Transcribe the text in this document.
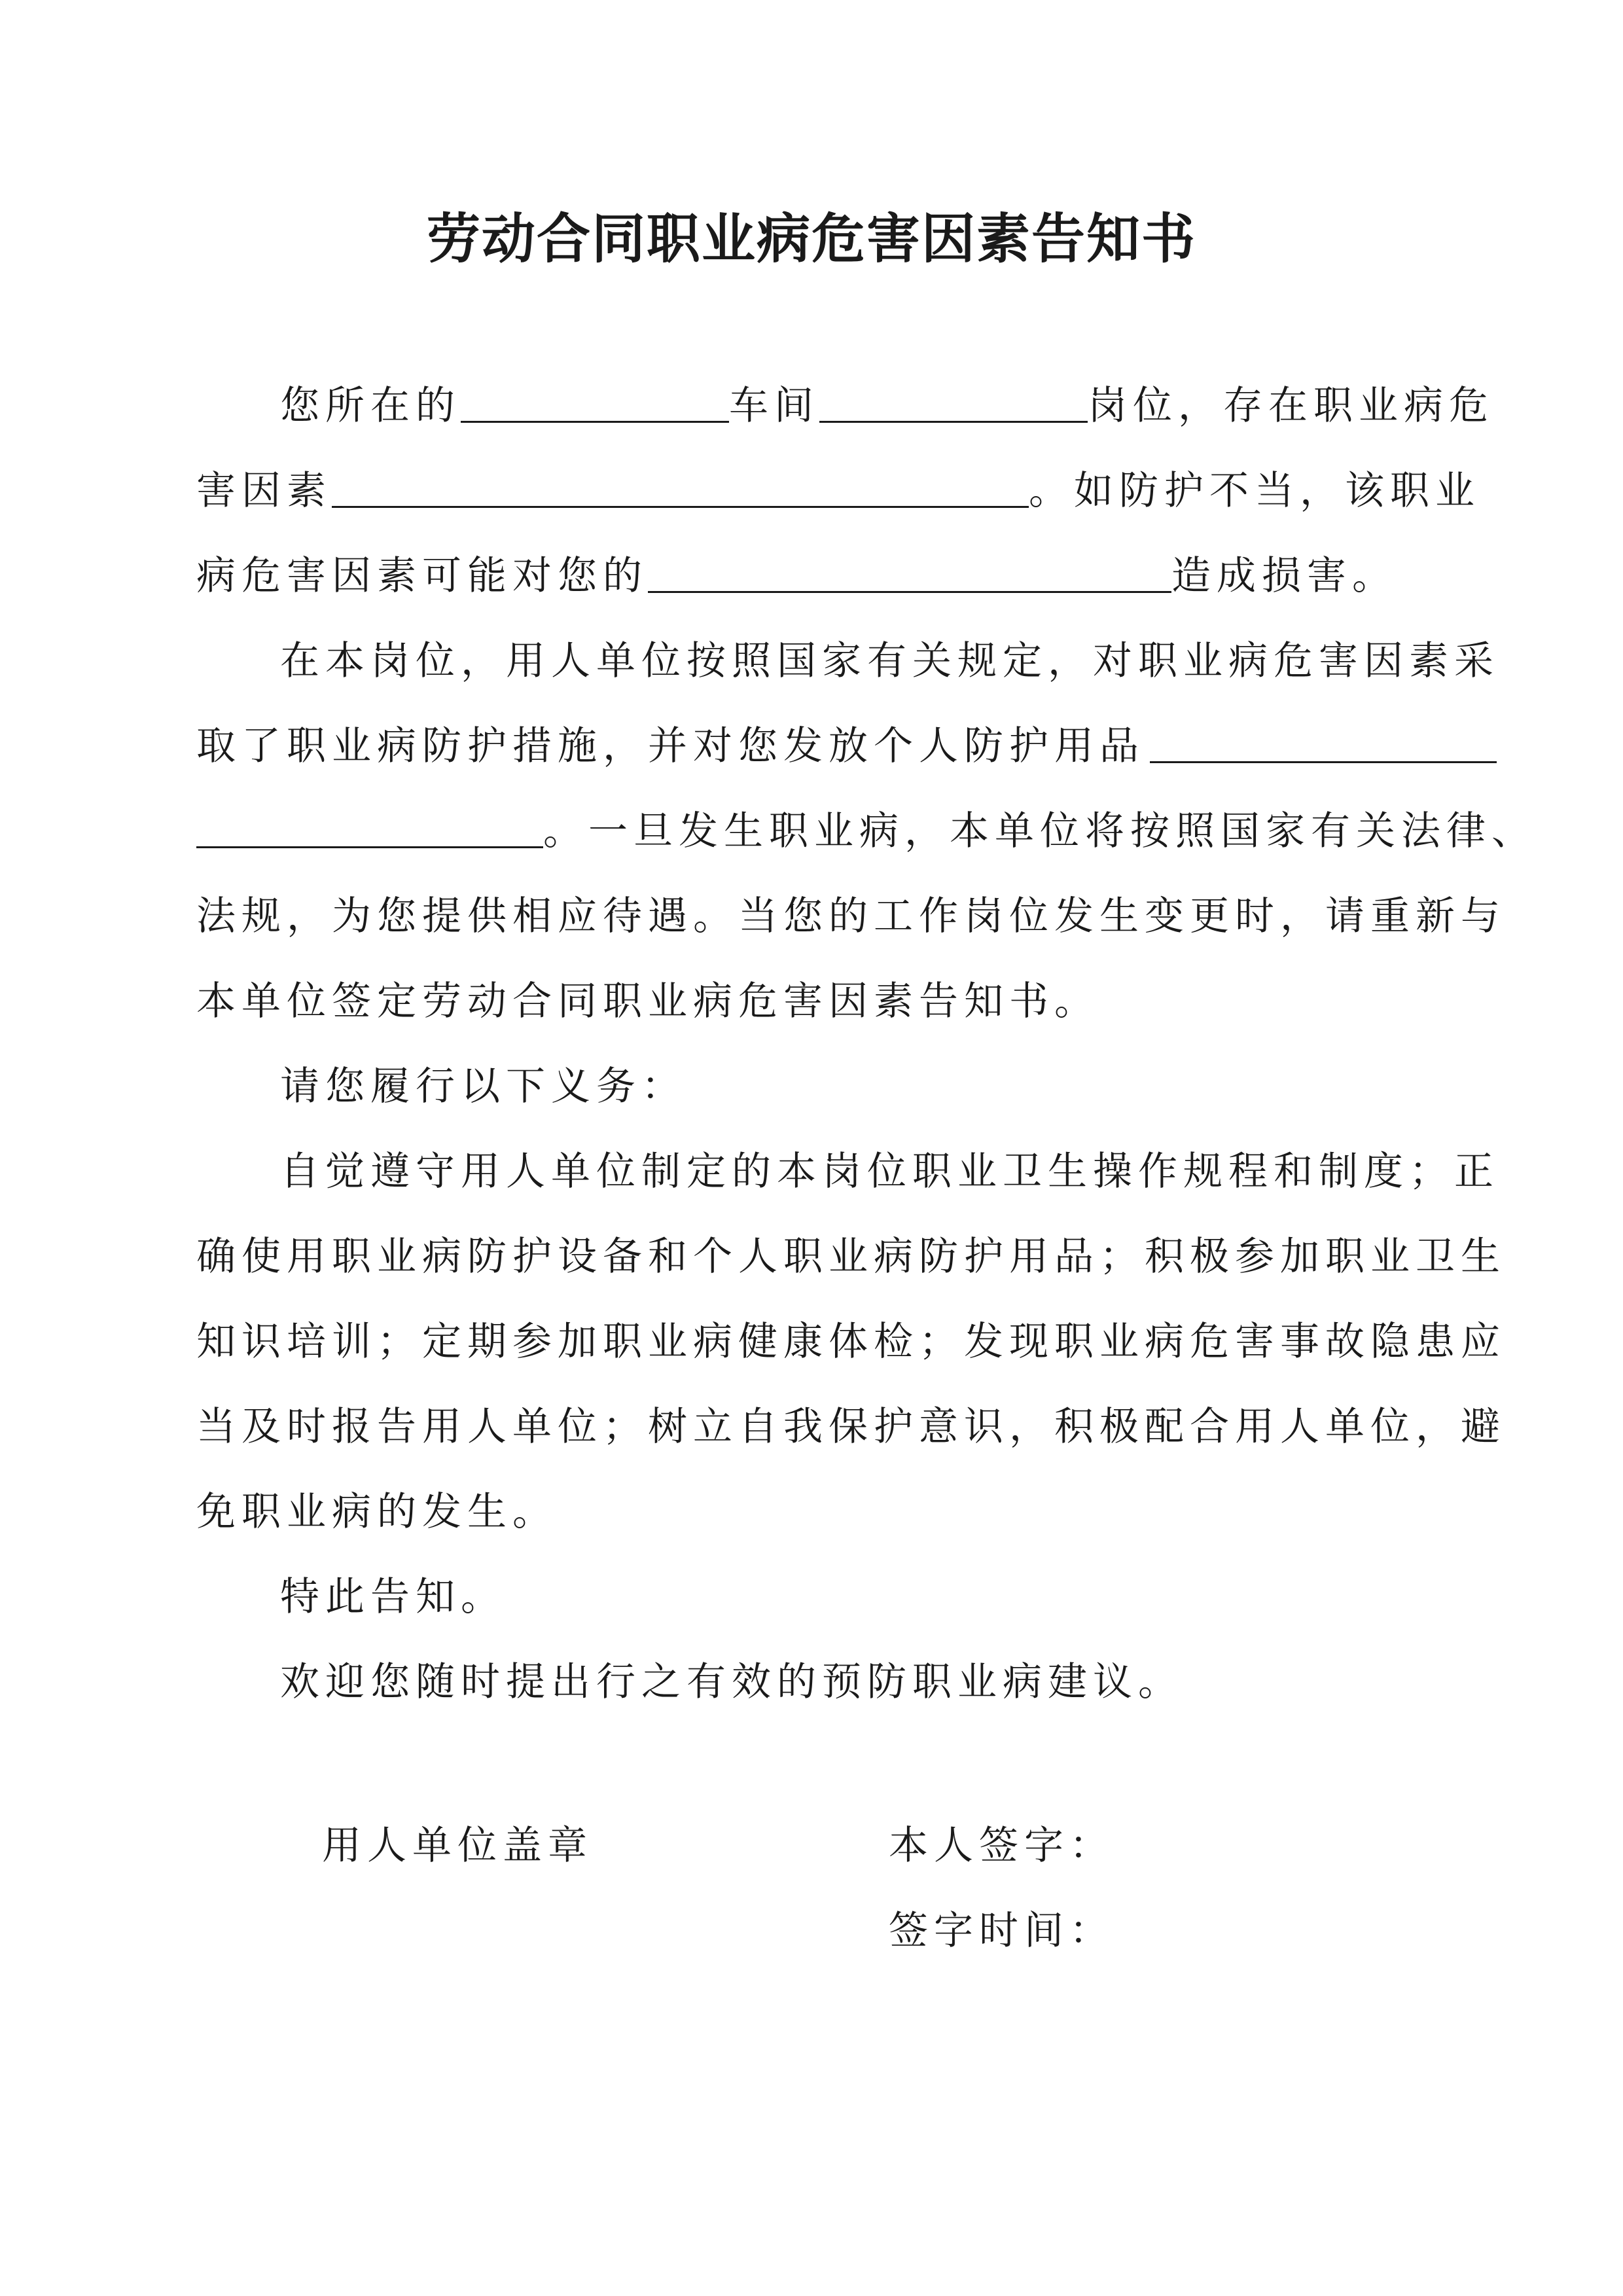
劳动合同职业病危害因素告知书
您所在的	车间	岗位，存在职业病危
害因素	。如防护不当，该职业
病危害因素可能对您的	造成损害。
在本岗位，用人单位按照国家有关规定，对职业病危害因素采
取了职业病防护措施，并对您发放个人防护用品
。一旦发生职业病，本单位将按照国家有关法律、
法规，为您提供相应待遇。当您的工作岗位发生变更时，请重新与
本单位签定劳动合同职业病危害因素告知书。
请您履行以下义务：
自觉遵守用人单位制定的本岗位职业卫生操作规程和制度；正
确使用职业病防护设备和个人职业病防护用品；积极参加职业卫生
知识培训；定期参加职业病健康体检；发现职业病危害事故隐患应
当及时报告用人单位；树立自我保护意识，积极配合用人单位，避
免职业病的发生。
特此告知。
欢迎您随时提出行之有效的预防职业病建议。
用人单位盖章	本人签字：
签字时间：
